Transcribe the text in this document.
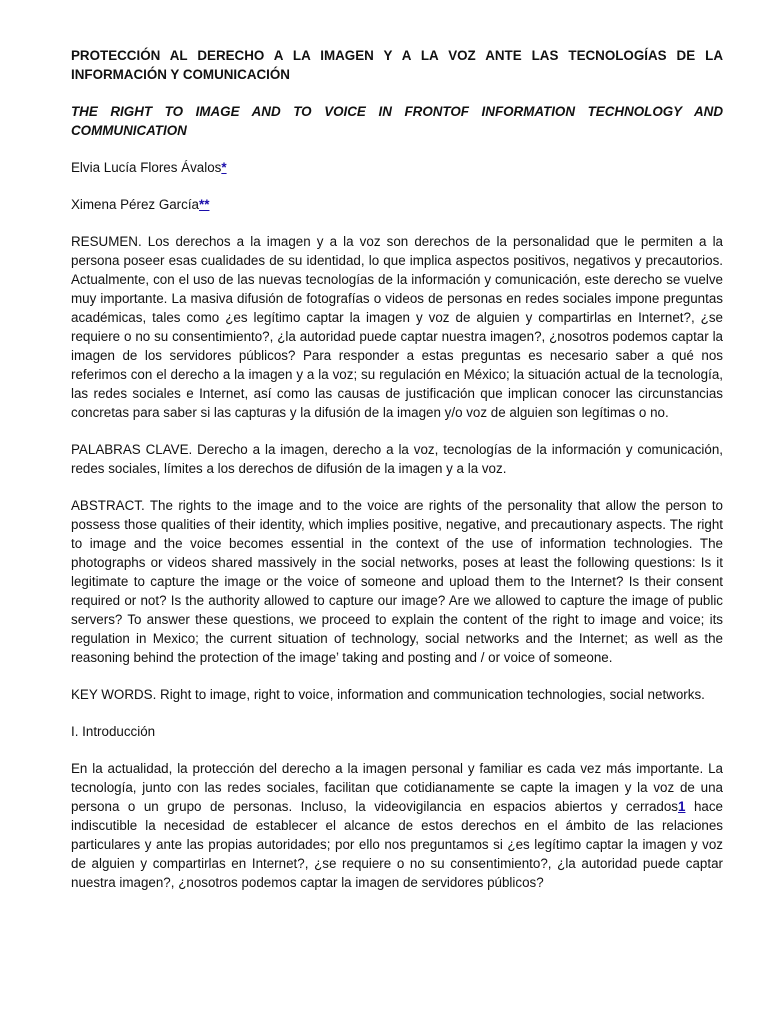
PROTECCIÓN AL DERECHO A LA IMAGEN Y A LA VOZ ANTE LAS TECNOLOGÍAS DE LA INFORMACIÓN Y COMUNICACIÓN

THE RIGHT TO IMAGE AND TO VOICE IN FRONTOF INFORMATION TECHNOLOGY AND COMMUNICATION

Elvia Lucía Flores Ávalos*

Ximena Pérez García**

RESUMEN. Los derechos a la imagen y a la voz son derechos de la personalidad que le permiten a la persona poseer esas cualidades de su identidad, lo que implica aspectos positivos, negativos y precautorios. Actualmente, con el uso de las nuevas tecnologías de la información y comunicación, este derecho se vuelve muy importante. La masiva difusión de fotografías o videos de personas en redes sociales impone preguntas académicas, tales como ¿es legítimo captar la imagen y voz de alguien y compartirlas en Internet?, ¿se requiere o no su consentimiento?, ¿la autoridad puede captar nuestra imagen?, ¿nosotros podemos captar la imagen de los servidores públicos? Para responder a estas preguntas es necesario saber a qué nos referimos con el derecho a la imagen y a la voz; su regulación en México; la situación actual de la tecnología, las redes sociales e Internet, así como las causas de justificación que implican conocer las circunstancias concretas para saber si las capturas y la difusión de la imagen y/o voz de alguien son legítimas o no.

PALABRAS CLAVE. Derecho a la imagen, derecho a la voz, tecnologías de la información y comunicación, redes sociales, límites a los derechos de difusión de la imagen y a la voz.

ABSTRACT. The rights to the image and to the voice are rights of the personality that allow the person to possess those qualities of their identity, which implies positive, negative, and precautionary aspects. The right to image and the voice becomes essential in the context of the use of information technologies. The photographs or videos shared massively in the social networks, poses at least the following questions: Is it legitimate to capture the image or the voice of someone and upload them to the Internet? Is their consent required or not? Is the authority allowed to capture our image? Are we allowed to capture the image of public servers? To answer these questions, we proceed to explain the content of the right to image and voice; its regulation in Mexico; the current situation of technology, social networks and the Internet; as well as the reasoning behind the protection of the image’ taking and posting and / or voice of someone.

KEY WORDS. Right to image, right to voice, information and communication technologies, social networks.

I. Introducción

En la actualidad, la protección del derecho a la imagen personal y familiar es cada vez más importante. La tecnología, junto con las redes sociales, facilitan que cotidianamente se capte la imagen y la voz de una persona o un grupo de personas. Incluso, la videovigilancia en espacios abiertos y cerrados1 hace indiscutible la necesidad de establecer el alcance de estos derechos en el ámbito de las relaciones particulares y ante las propias autoridades; por ello nos preguntamos si ¿es legítimo captar la imagen y voz de alguien y compartirlas en Internet?, ¿se requiere o no su consentimiento?, ¿la autoridad puede captar nuestra imagen?, ¿nosotros podemos captar la imagen de servidores públicos?
